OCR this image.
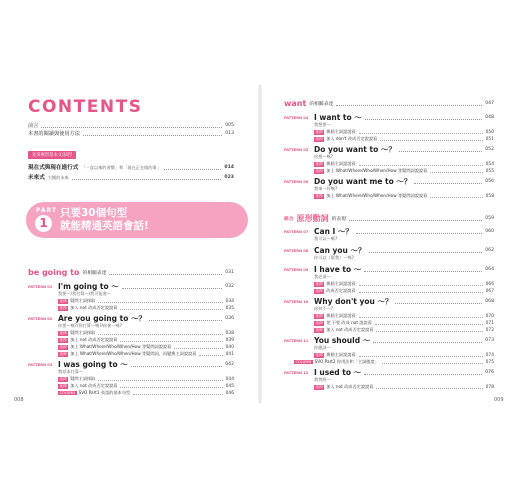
CONTENTS
前言	005
本書的閱讀與使用方法	013
先來複習基本文法吧!
現在式與現在進行式 「一直以來的習慣」和「現在正在做的事」	014
未來式 大概的未來	023
PART
1
只要30個句型
就能精通英語會話!
be going to 的相關表達	031
PATTERN 01 I'm going to ～	032
我要～/我打算～/我可能會～
延伸 疑問主詞採取	034
延伸 加入 not 改成否定說說看	035
PATTERN 02 Are you going to ～？	036
你要～嗎?/你打算～嗎?/你會～嗎?
延伸 疑問主詞採取	038
延伸 加上 not 改成否定說說看	039
延伸 加上 What/Where/Who/When/How 等疑問詞說說看	040
延伸 加上 What/Where/Who/When/How 等疑問詞，再變換主詞說說看	041
PATTERN 03 I was going to ～	042
我原本打算～
延伸 疑問主詞採取	044
延伸 加入 not 改成否定說說看	045
COLUMN SVO Part1 英語的基本句型	046
want 的相關表達	047
PATTERN 04 I want to ～	048
我想要～
延伸 換個主詞說說看	050
延伸 加入 don't 改成否定說說看	051
PATTERN 05 Do you want to ～？	052
你想～嗎?
延伸 換個主詞說說看	054
延伸 加上 What/Where/Who/When/How 等疑問詞說說看	055
PATTERN 06 Do you want me to ～？	056
我來～好嗎?
延伸 加上 What/Where/Who/When/How 等疑問詞說說看	058
組合 原形動詞 的表現	059
PATTERN 07 Can I ～？	060
我可以～嗎?
PATTERN 08 Can you ～？	062
你可以（幫我）～嗎?
PATTERN 09 I have to ～	064
我必須～
延伸 換個主詞說說看	066
延伸 改成否定說說看	067
PATTERN 10 Why don't you ～？	068
你何不～?
延伸 換個主詞說說看	070
延伸 把 不要 改成 not 說說看	071
延伸 加入 not 改成否定說說看	072
PATTERN 11 You should ～	073
你應該～
延伸 換個主詞說說看	074
COLUMN SVO Part2 你用法和「主詞態度」	075
PATTERN 12 I used to ～	076
我曾經～
延伸 加入 not 改成否定說說看	078
008	009
